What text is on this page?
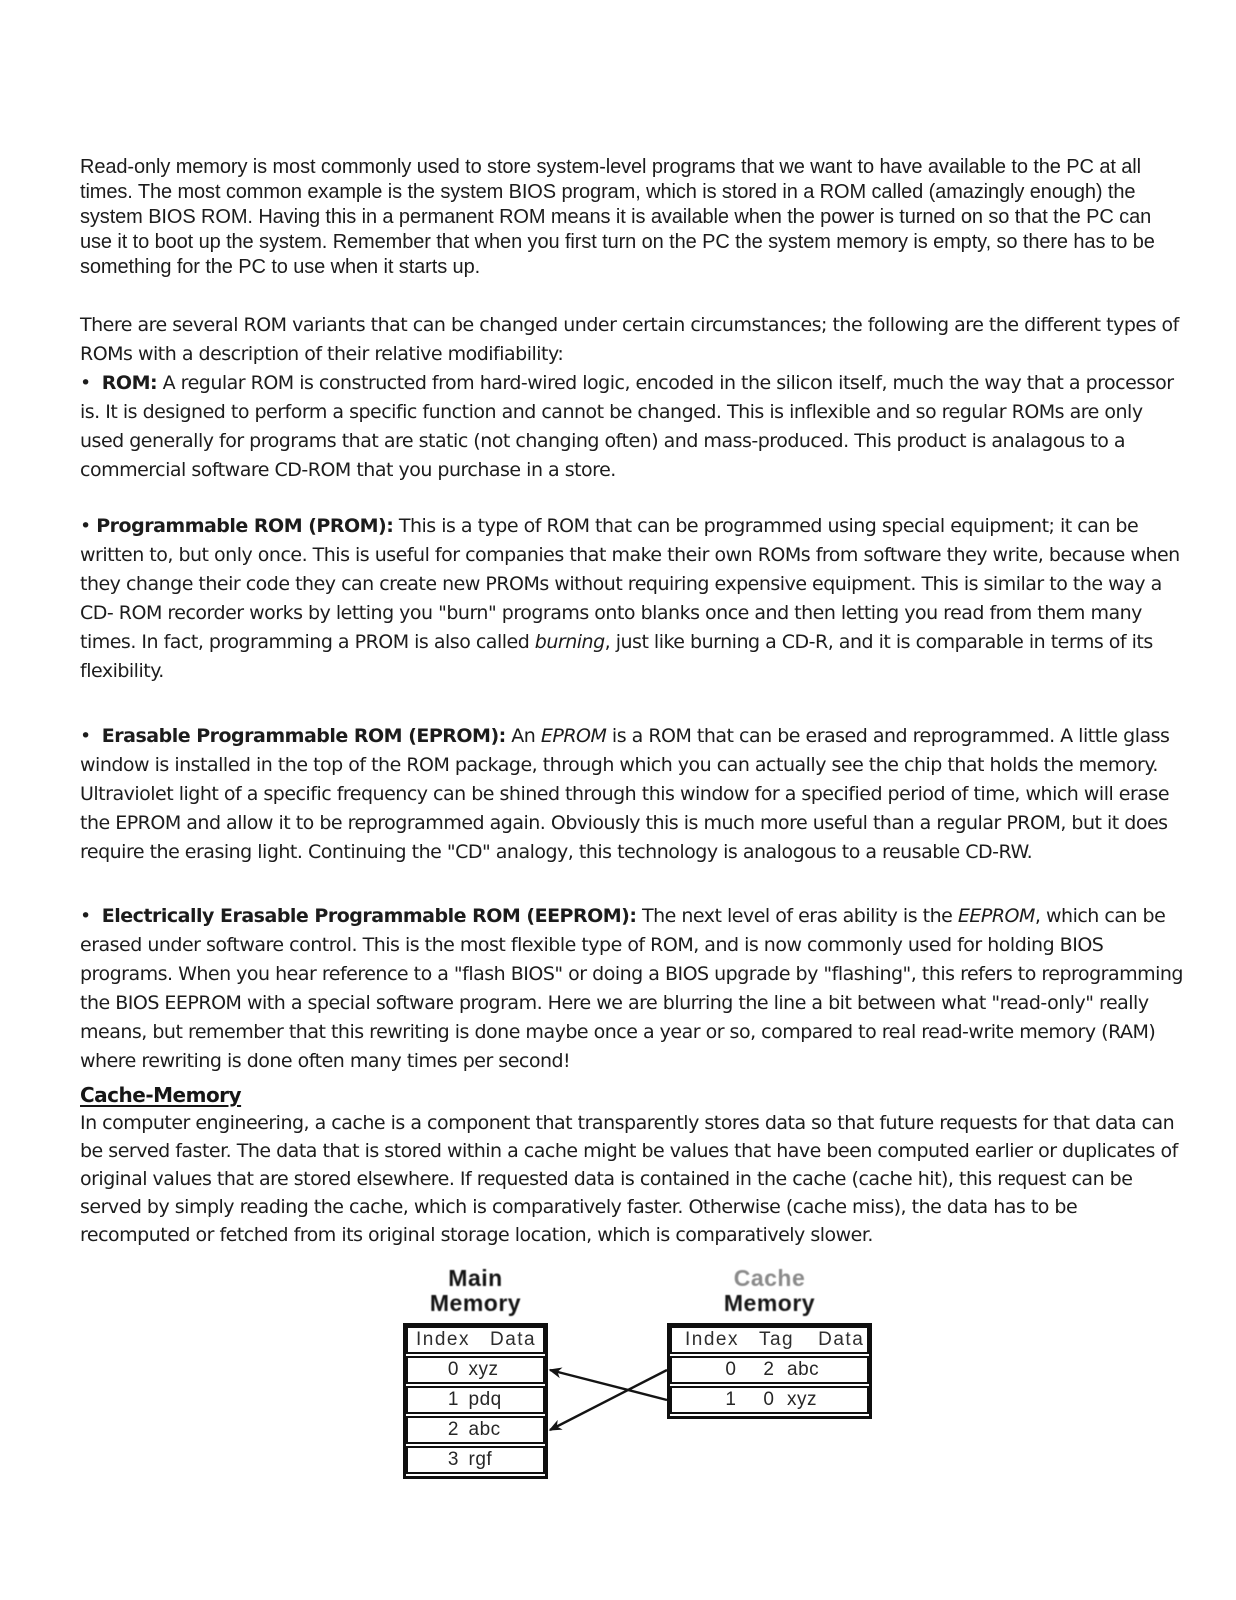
Read-only memory is most commonly used to store system-level programs that we want to have available to the PC at all times. The most common example is the system BIOS program, which is stored in a ROM called (amazingly enough) the system BIOS ROM. Having this in a permanent ROM means it is available when the power is turned on so that the PC can use it to boot up the system. Remember that when you first turn on the PC the system memory is empty, so there has to be something for the PC to use when it starts up.

There are several ROM variants that can be changed under certain circumstances; the following are the different types of ROMs with a description of their relative modifiability:

•  ROM: A regular ROM is constructed from hard-wired logic, encoded in the silicon itself, much the way that a processor is. It is designed to perform a specific function and cannot be changed. This is inflexible and so regular ROMs are only used generally for programs that are static (not changing often) and mass-produced. This product is analagous to a commercial software CD-ROM that you purchase in a store.

• Programmable ROM (PROM): This is a type of ROM that can be programmed using special equipment; it can be written to, but only once. This is useful for companies that make their own ROMs from software they write, because when they change their code they can create new PROMs without requiring expensive equipment. This is similar to the way a CD- ROM recorder works by letting you "burn" programs onto blanks once and then letting you read from them many times. In fact, programming a PROM is also called burning, just like burning a CD-R, and it is comparable in terms of its flexibility.

•  Erasable Programmable ROM (EPROM): An EPROM is a ROM that can be erased and reprogrammed. A little glass window is installed in the top of the ROM package, through which you can actually see the chip that holds the memory. Ultraviolet light of a specific frequency can be shined through this window for a specified period of time, which will erase the EPROM and allow it to be reprogrammed again. Obviously this is much more useful than a regular PROM, but it does require the erasing light. Continuing the "CD" analogy, this technology is analogous to a reusable CD-RW.

•  Electrically Erasable Programmable ROM (EEPROM): The next level of eras ability is the EEPROM, which can be erased under software control. This is the most flexible type of ROM, and is now commonly used for holding BIOS programs. When you hear reference to a "flash BIOS" or doing a BIOS upgrade by "flashing", this refers to reprogramming the BIOS EEPROM with a special software program. Here we are blurring the line a bit between what "read-only" really means, but remember that this rewriting is done maybe once a year or so, compared to real read-write memory (RAM) where rewriting is done often many times per second!

Cache-Memory

In computer engineering, a cache is a component that transparently stores data so that future requests for that data can be served faster. The data that is stored within a cache might be values that have been computed earlier or duplicates of original values that are stored elsewhere. If requested data is contained in the cache (cache hit), this request can be served by simply reading the cache, which is comparatively faster. Otherwise (cache miss), the data has to be recomputed or fetched from its original storage location, which is comparatively slower.

Main
Memory
Cache
Memory
Index Data
0 xyz
1 pdq
2 abc
3 rgf
Index Tag Data
0	2 abc
1	0 xyz
